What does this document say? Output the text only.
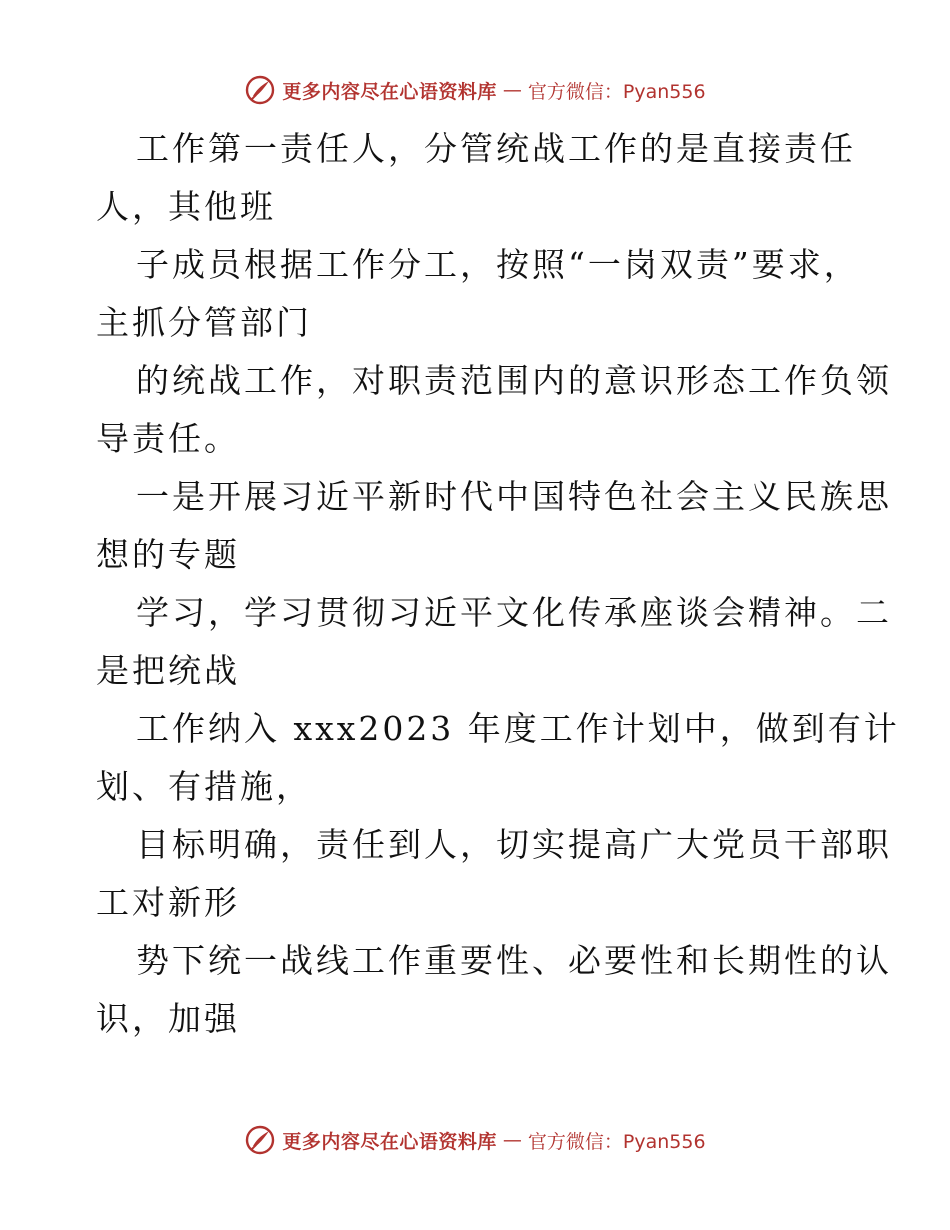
更多内容尽在心语资料库 — 官方微信：Pyan556
工作第一责任人，分管统战工作的是直接责任
人，其他班
子成员根据工作分工，按照“一岗双责”要求，
主抓分管部门
的统战工作，对职责范围内的意识形态工作负领
导责任。
一是开展习近平新时代中国特色社会主义民族思
想的专题
学习，学习贯彻习近平文化传承座谈会精神。二
是把统战
工作纳入 xxx2023 年度工作计划中，做到有计
划、有措施，
目标明确，责任到人，切实提高广大党员干部职
工对新形
势下统一战线工作重要性、必要性和长期性的认
识，加强
更多内容尽在心语资料库 — 官方微信：Pyan556
